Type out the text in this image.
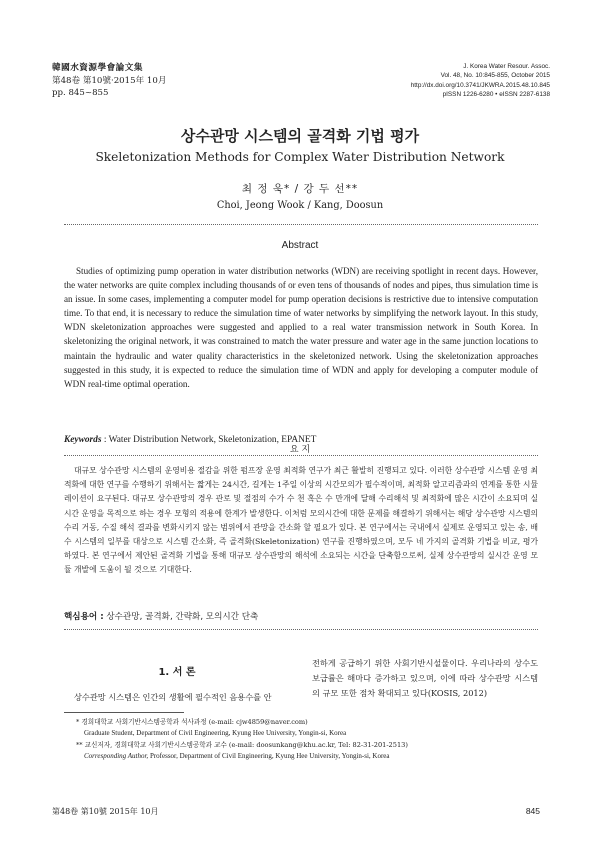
韓國水資源學會論文集
第48卷 第10號·2015年 10月
pp. 845~855
J. Korea Water Resour. Assoc.
Vol. 48, No. 10:845-855, October 2015
http://dx.doi.org/10.3741/JKWRA.2015.48.10.845
pISSN 1226-6280 • eISSN 2287-6138
상수관망 시스템의 골격화 기법 평가
Skeletonization Methods for Complex Water Distribution Network
최 정 욱* / 강 두 선**
Choi, Jeong Wook / Kang, Doosun
Abstract

Studies of optimizing pump operation in water distribution networks (WDN) are receiving spotlight in recent days. However, the water networks are quite complex including thousands of or even tens of thousands of nodes and pipes, thus simulation time is an issue. In some cases, implementing a computer model for pump operation decisions is restrictive due to intensive computation time. To that end, it is necessary to reduce the simulation time of water networks by simplifying the network layout. In this study, WDN skeletonization approaches were suggested and applied to a real water transmission network in South Korea. In skeletonizing the original network, it was constrained to match the water pressure and water age in the same junction locations to maintain the hydraulic and water quality characteristics in the skeletonized network. Using the skeletonization approaches suggested in this study, it is expected to reduce the simulation time of WDN and apply for developing a computer module of WDN real-time optimal operation.

Keywords : Water Distribution Network, Skeletonization, EPANET
요 지

대규모 상수관망 시스템의 운영비용 절감을 위한 펌프장 운영 최적화 연구가 최근 활발히 진행되고 있다. 이러한 상수관망 시스템 운영 최적화에 대한 연구를 수행하기 위해서는 짧게는 24시간, 길게는 1주일 이상의 시간모의가 필수적이며, 최적화 알고리즘과의 연계를 통한 시뮬레이션이 요구된다. 대규모 상수관망의 경우 관로 및 절점의 수가 수 천 혹은 수 만개에 달해 수리해석 및 최적화에 많은 시간이 소요되며 실시간 운영을 목적으로 하는 경우 모형의 적용에 한계가 발생한다. 이처럼 모의시간에 대한 문제를 해결하기 위해서는 해당 상수관망 시스템의 수리 거동, 수질 해석 결과를 변화시키지 않는 범위에서 관망을 간소화 할 필요가 있다. 본 연구에서는 국내에서 실제로 운영되고 있는 송, 배수 시스템의 일부를 대상으로 시스템 간소화, 즉 골격화(Skeletonization) 연구를 진행하였으며, 모두 네 가지의 골격화 기법을 비교, 평가하였다. 본 연구에서 제안된 골격화 기법을 통해 대규모 상수관망의 해석에 소요되는 시간을 단축함으로써, 실제 상수관망의 실시간 운영 모듈 개발에 도움이 될 것으로 기대한다.

핵심용어 : 상수관망, 골격화, 간략화, 모의시간 단축
1. 서 론

상수관망 시스템은 인간의 생활에 필수적인 음용수를 안

전하게 공급하기 위한 사회기반시설물이다. 우리나라의 상수도 보급률은 해마다 증가하고 있으며, 이에 따라 상수관망 시스템의 규모 또한 점차 확대되고 있다(KOSIS, 2012)

* 경희대학교 사회기반시스템공학과 석사과정 (e-mail: cjw4859@naver.com)
Graduate Student, Department of Civil Engineering, Kyung Hee University, Yongin-si, Korea
** 교신저자, 경희대학교 사회기반시스템공학과 교수 (e-mail: doosunkang@khu.ac.kr, Tel: 82-31-201-2513)
Corresponding Author, Professor, Department of Civil Engineering, Kyung Hee University, Yongin-si, Korea
第48卷 第10號 2015年 10月	845
